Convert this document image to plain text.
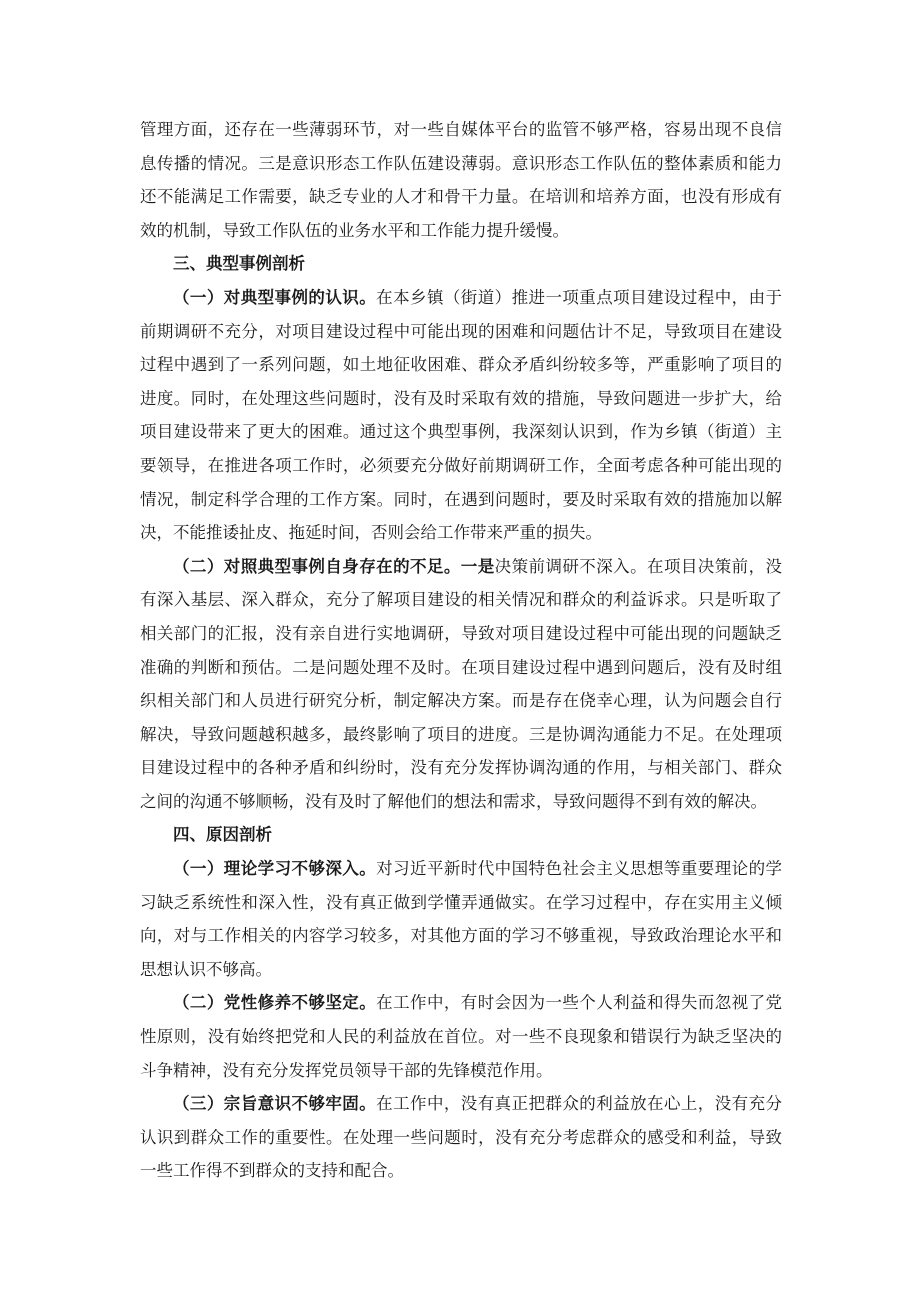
管理方面，还存在一些薄弱环节，对一些自媒体平台的监管不够严格，容易出现不良信息传播的情况。三是意识形态工作队伍建设薄弱。意识形态工作队伍的整体素质和能力还不能满足工作需要，缺乏专业的人才和骨干力量。在培训和培养方面，也没有形成有效的机制，导致工作队伍的业务水平和工作能力提升缓慢。

三、典型事例剖析

（一）对典型事例的认识。在本乡镇（街道）推进一项重点项目建设过程中，由于前期调研不充分，对项目建设过程中可能出现的困难和问题估计不足，导致项目在建设过程中遇到了一系列问题，如土地征收困难、群众矛盾纠纷较多等，严重影响了项目的进度。同时，在处理这些问题时，没有及时采取有效的措施，导致问题进一步扩大，给项目建设带来了更大的困难。通过这个典型事例，我深刻认识到，作为乡镇（街道）主要领导，在推进各项工作时，必须要充分做好前期调研工作，全面考虑各种可能出现的情况，制定科学合理的工作方案。同时，在遇到问题时，要及时采取有效的措施加以解决，不能推诿扯皮、拖延时间，否则会给工作带来严重的损失。

（二）对照典型事例自身存在的不足。一是决策前调研不深入。在项目决策前，没有深入基层、深入群众，充分了解项目建设的相关情况和群众的利益诉求。只是听取了相关部门的汇报，没有亲自进行实地调研，导致对项目建设过程中可能出现的问题缺乏准确的判断和预估。二是问题处理不及时。在项目建设过程中遇到问题后，没有及时组织相关部门和人员进行研究分析，制定解决方案。而是存在侥幸心理，认为问题会自行解决，导致问题越积越多，最终影响了项目的进度。三是协调沟通能力不足。在处理项目建设过程中的各种矛盾和纠纷时，没有充分发挥协调沟通的作用，与相关部门、群众之间的沟通不够顺畅，没有及时了解他们的想法和需求，导致问题得不到有效的解决。

四、原因剖析

（一）理论学习不够深入。对习近平新时代中国特色社会主义思想等重要理论的学习缺乏系统性和深入性，没有真正做到学懂弄通做实。在学习过程中，存在实用主义倾向，对与工作相关的内容学习较多，对其他方面的学习不够重视，导致政治理论水平和思想认识不够高。

（二）党性修养不够坚定。在工作中，有时会因为一些个人利益和得失而忽视了党性原则，没有始终把党和人民的利益放在首位。对一些不良现象和错误行为缺乏坚决的斗争精神，没有充分发挥党员领导干部的先锋模范作用。

（三）宗旨意识不够牢固。在工作中，没有真正把群众的利益放在心上，没有充分认识到群众工作的重要性。在处理一些问题时，没有充分考虑群众的感受和利益，导致一些工作得不到群众的支持和配合。
